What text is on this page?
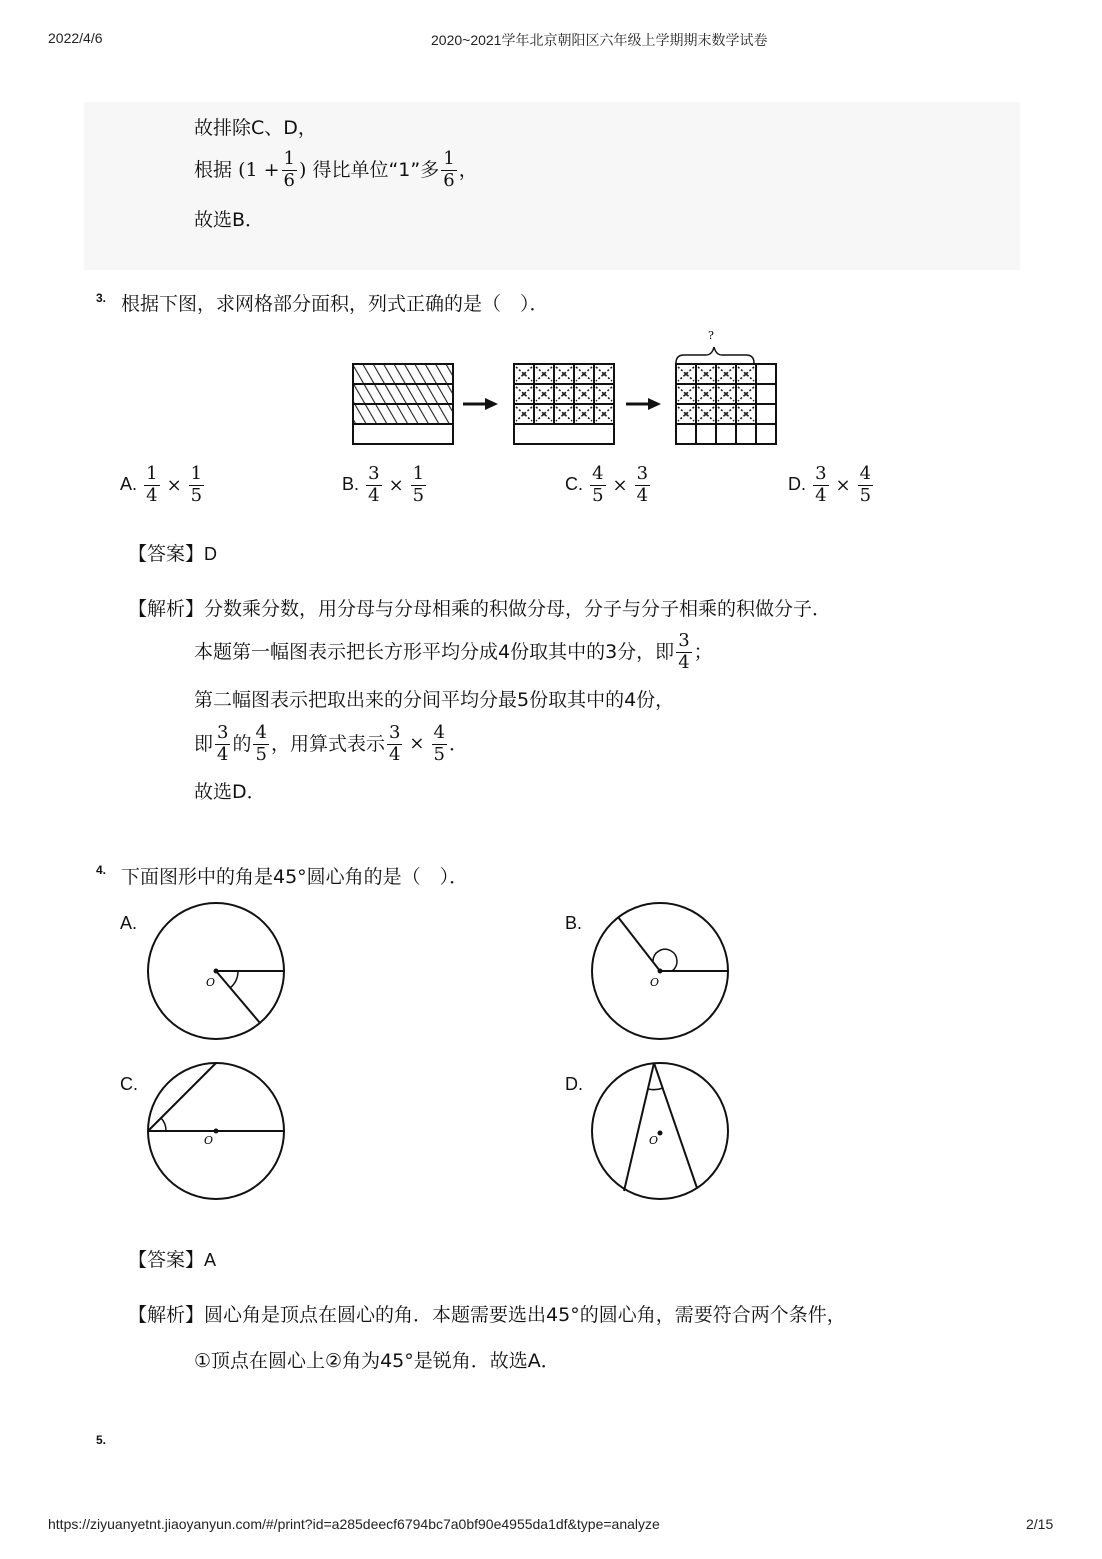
2022/4/6	2020~2021学年北京朝阳区六年级上学期期末数学试卷
故排除C、D，
根据 ($1 + \frac{1}{6}$ ) 得比单位“1”多 $\frac{1}{6}$ ，
故选B．
3. 根据下图，求网格部分面积，列式正确的是（　）．
?
A. $\frac{1}{4} \times \frac{1}{5}$	B. $\frac{3}{4} \times \frac{1}{5}$	C. $\frac{4}{5} \times \frac{3}{4}$	D. $\frac{3}{4} \times \frac{4}{5}$
【答案】D
【解析】分数乘分数，用分母与分母相乘的积做分母，分子与分子相乘的积做分子．
本题第一幅图表示把长方形平均分成4份取其中的3分，即 $\frac{3}{4}$ ；
第二幅图表示把取出来的分间平均分最5份取其中的4份，
即 $\frac{3}{4}$ 的 $\frac{4}{5}$ ，用算式表示 $\frac{3}{4} \times \frac{4}{5}$ ．
故选D．
4. 下面图形中的角是45°圆心角的是（　）．
A.
O
B.
O
C.
O
D.
O
【答案】A
【解析】圆心角是顶点在圆心的角．本题需要选出45°的圆心角，需要符合两个条件，
①顶点在圆心上②角为45°是锐角．故选A．
5.
https://ziyuanyetnt.jiaoyanyun.com/#/print?id=a285deecf6794bc7a0bf90e4955da1df&type=analyze	2/15
